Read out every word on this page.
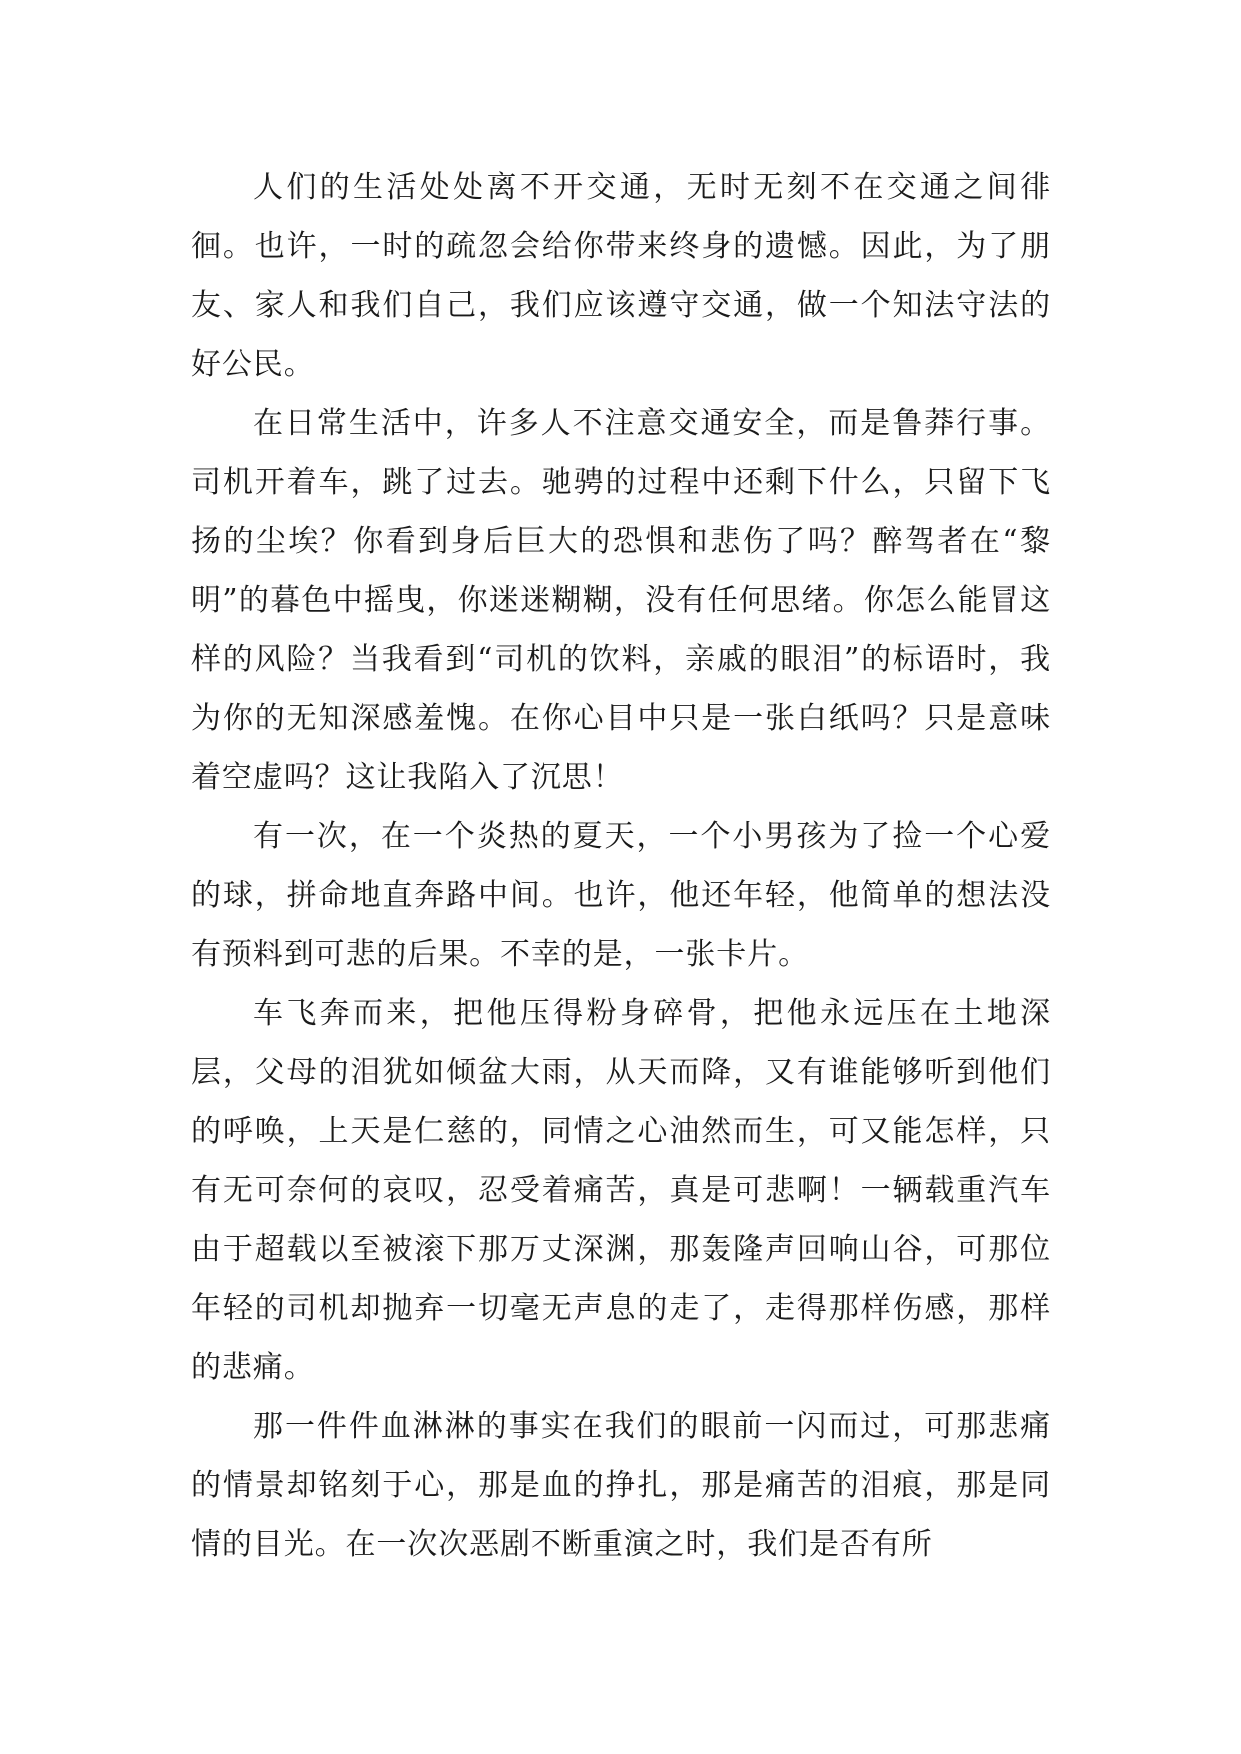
人们的生活处处离不开交通，无时无刻不在交通之间徘徊。也许，一时的疏忽会给你带来终身的遗憾。因此，为了朋友、家人和我们自己，我们应该遵守交通，做一个知法守法的好公民。

在日常生活中，许多人不注意交通安全，而是鲁莽行事。司机开着车，跳了过去。驰骋的过程中还剩下什么，只留下飞扬的尘埃？你看到身后巨大的恐惧和悲伤了吗？醉驾者在“黎明”的暮色中摇曳，你迷迷糊糊，没有任何思绪。你怎么能冒这样的风险？当我看到“司机的饮料，亲戚的眼泪”的标语时，我为你的无知深感羞愧。在你心目中只是一张白纸吗？只是意味着空虚吗？这让我陷入了沉思！

有一次，在一个炎热的夏天，一个小男孩为了捡一个心爱的球，拼命地直奔路中间。也许，他还年轻，他简单的想法没有预料到可悲的后果。不幸的是，一张卡片。

车飞奔而来，把他压得粉身碎骨，把他永远压在土地深层，父母的泪犹如倾盆大雨，从天而降，又有谁能够听到他们的呼唤，上天是仁慈的，同情之心油然而生，可又能怎样，只有无可奈何的哀叹，忍受着痛苦，真是可悲啊！一辆载重汽车由于超载以至被滚下那万丈深渊，那轰隆声回响山谷，可那位年轻的司机却抛弃一切毫无声息的走了，走得那样伤感，那样的悲痛。

那一件件血淋淋的事实在我们的眼前一闪而过，可那悲痛的情景却铭刻于心，那是血的挣扎，那是痛苦的泪痕，那是同情的目光。在一次次恶剧不断重演之时，我们是否有所
